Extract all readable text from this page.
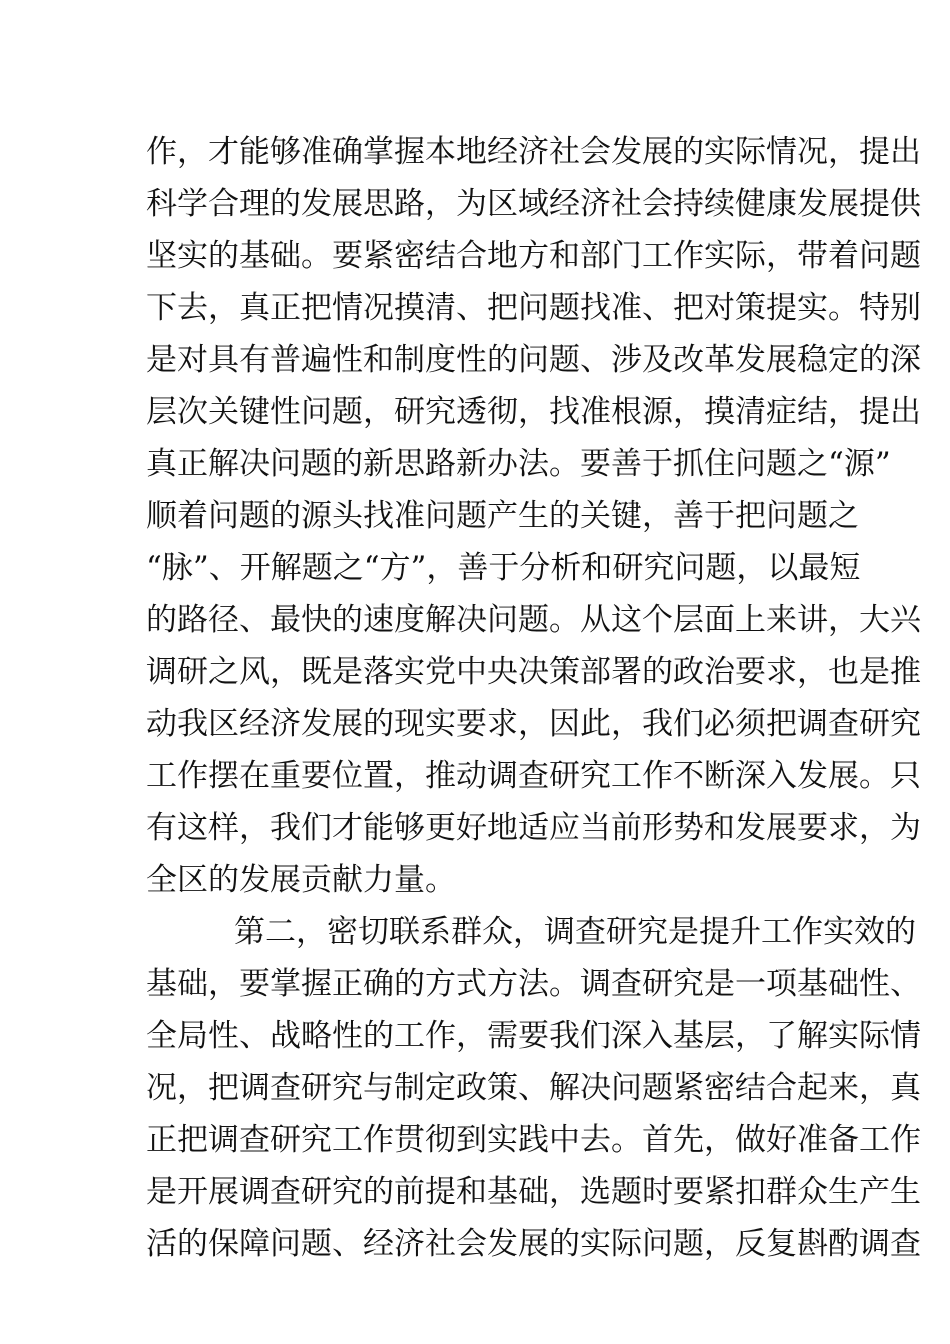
作，才能够准确掌握本地经济社会发展的实际情况，提出
科学合理的发展思路，为区域经济社会持续健康发展提供
坚实的基础。要紧密结合地方和部门工作实际，带着问题
下去，真正把情况摸清、把问题找准、把对策提实。特别
是对具有普遍性和制度性的问题、涉及改革发展稳定的深
层次关键性问题，研究透彻，找准根源，摸清症结，提出
真正解决问题的新思路新办法。要善于抓住问题之“源”
顺着问题的源头找准问题产生的关键，善于把问题之
“脉”、开解题之“方”，善于分析和研究问题，以最短
的路径、最快的速度解决问题。从这个层面上来讲，大兴
调研之风，既是落实党中央决策部署的政治要求，也是推
动我区经济发展的现实要求，因此，我们必须把调查研究
工作摆在重要位置，推动调查研究工作不断深入发展。只
有这样，我们才能够更好地适应当前形势和发展要求，为
全区的发展贡献力量。
第二，密切联系群众，调查研究是提升工作实效的
基础，要掌握正确的方式方法。调查研究是一项基础性、
全局性、战略性的工作，需要我们深入基层，了解实际情
况，把调查研究与制定政策、解决问题紧密结合起来，真
正把调查研究工作贯彻到实践中去。首先，做好准备工作
是开展调查研究的前提和基础，选题时要紧扣群众生产生
活的保障问题、经济社会发展的实际问题，反复斟酌调查
